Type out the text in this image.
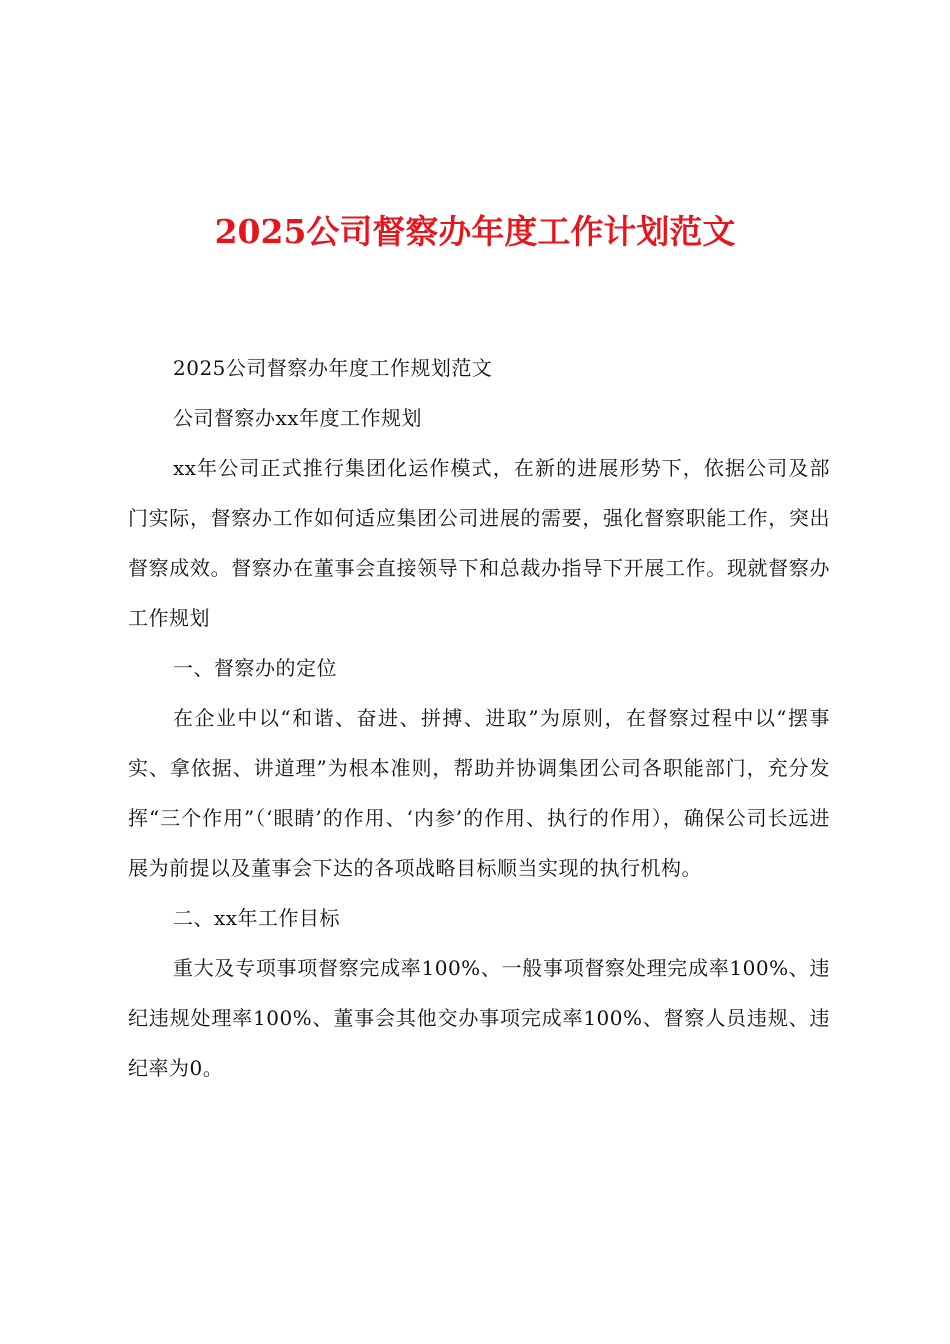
2025公司督察办年度工作计划范文

2025公司督察办年度工作规划范文

公司督察办xx年度工作规划

xx年公司正式推行集团化运作模式，在新的进展形势下，依据公司及部门实际，督察办工作如何适应集团公司进展的需要，强化督察职能工作，突出督察成效。督察办在董事会直接领导下和总裁办指导下开展工作。现就督察办工作规划

一、督察办的定位

在企业中以“和谐、奋进、拼搏、进取”为原则，在督察过程中以“摆事实、拿依据、讲道理”为根本准则，帮助并协调集团公司各职能部门，充分发挥“三个作用”（‘眼睛’的作用、‘内参’的作用、执行的作用），确保公司长远进展为前提以及董事会下达的各项战略目标顺当实现的执行机构。

二、xx年工作目标

重大及专项事项督察完成率100%、一般事项督察处理完成率100%、违纪违规处理率100%、董事会其他交办事项完成率100%、督察人员违规、违纪率为0。
